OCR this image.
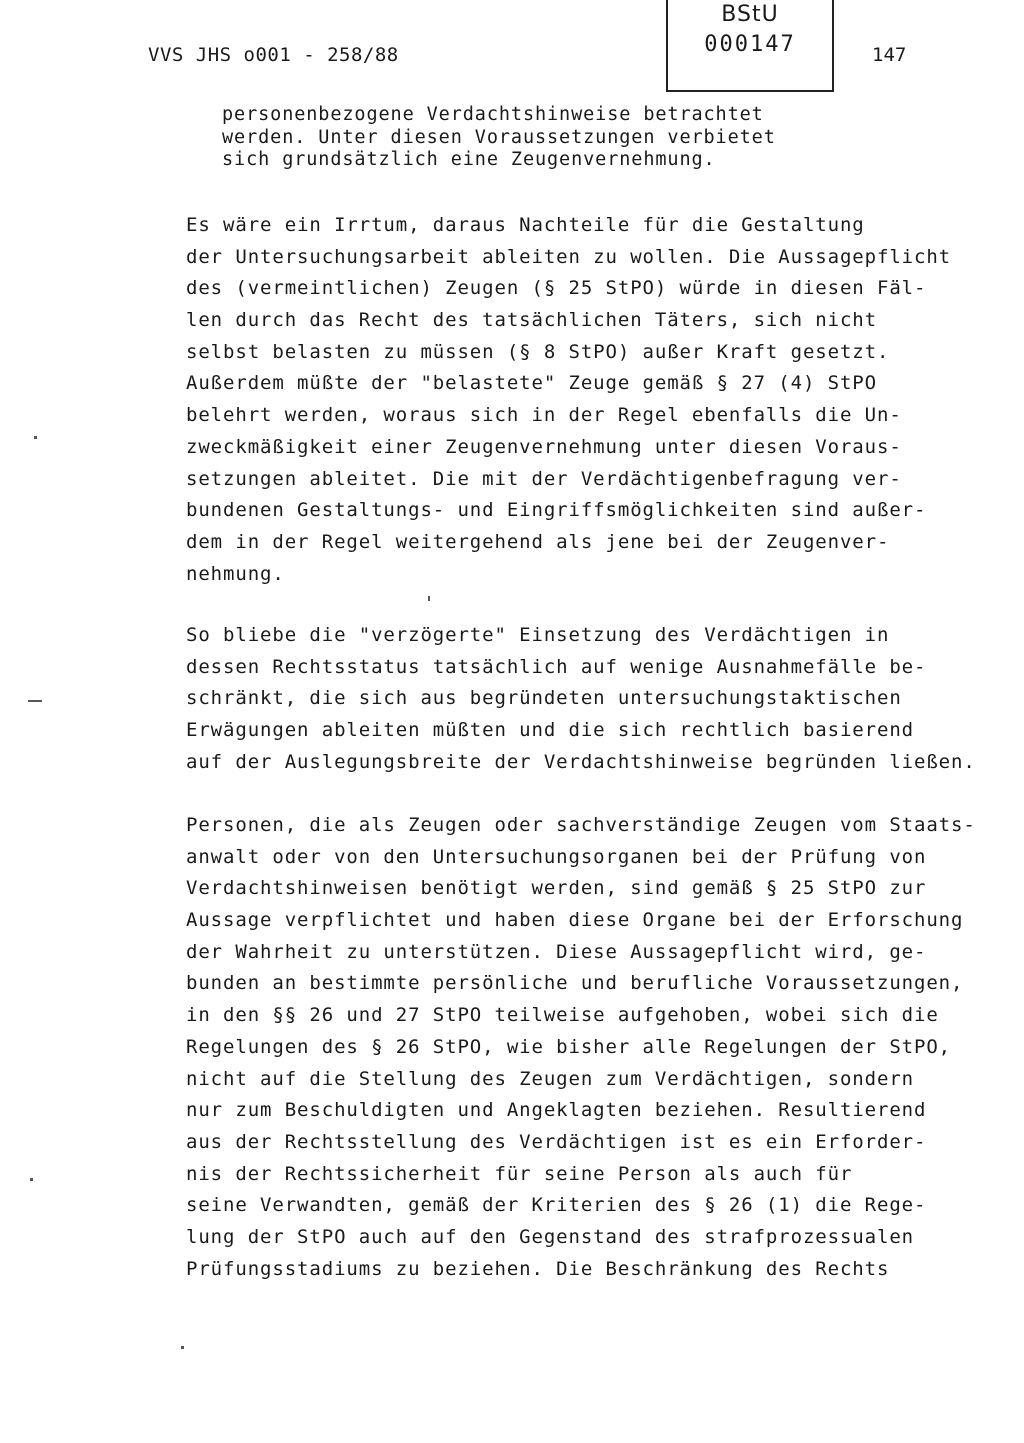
VVS JHS o001 - 258/88
BStU
000147	147
personenbezogene Verdachtshinweise betrachtet
werden. Unter diesen Voraussetzungen verbietet
sich grundsätzlich eine Zeugenvernehmung.
Es wäre ein Irrtum, daraus Nachteile für die Gestaltung
der Untersuchungsarbeit ableiten zu wollen. Die Aussagepflicht
des (vermeintlichen) Zeugen (§ 25 StPO) würde in diesen Fäl-
len durch das Recht des tatsächlichen Täters, sich nicht
selbst belasten zu müssen (§ 8 StPO) außer Kraft gesetzt.
Außerdem müßte der "belastete" Zeuge gemäß § 27 (4) StPO
belehrt werden, woraus sich in der Regel ebenfalls die Un-
zweckmäßigkeit einer Zeugenvernehmung unter diesen Voraus-
setzungen ableitet. Die mit der Verdächtigenbefragung ver-
bundenen Gestaltungs- und Eingriffsmöglichkeiten sind außer-
dem in der Regel weitergehend als jene bei der Zeugenver-
nehmung.
So bliebe die "verzögerte" Einsetzung des Verdächtigen in
dessen Rechtsstatus tatsächlich auf wenige Ausnahmefälle be-
schränkt, die sich aus begründeten untersuchungstaktischen
Erwägungen ableiten müßten und die sich rechtlich basierend
auf der Auslegungsbreite der Verdachtshinweise begründen ließen.
Personen, die als Zeugen oder sachverständige Zeugen vom Staats-
anwalt oder von den Untersuchungsorganen bei der Prüfung von
Verdachtshinweisen benötigt werden, sind gemäß § 25 StPO zur
Aussage verpflichtet und haben diese Organe bei der Erforschung
der Wahrheit zu unterstützen. Diese Aussagepflicht wird, ge-
bunden an bestimmte persönliche und berufliche Voraussetzungen,
in den §§ 26 und 27 StPO teilweise aufgehoben, wobei sich die
Regelungen des § 26 StPO, wie bisher alle Regelungen der StPO,
nicht auf die Stellung des Zeugen zum Verdächtigen, sondern
nur zum Beschuldigten und Angeklagten beziehen. Resultierend
aus der Rechtsstellung des Verdächtigen ist es ein Erforder-
nis der Rechtssicherheit für seine Person als auch für
seine Verwandten, gemäß der Kriterien des § 26 (1) die Rege-
lung der StPO auch auf den Gegenstand des strafprozessualen
Prüfungsstadiums zu beziehen. Die Beschränkung des Rechts
